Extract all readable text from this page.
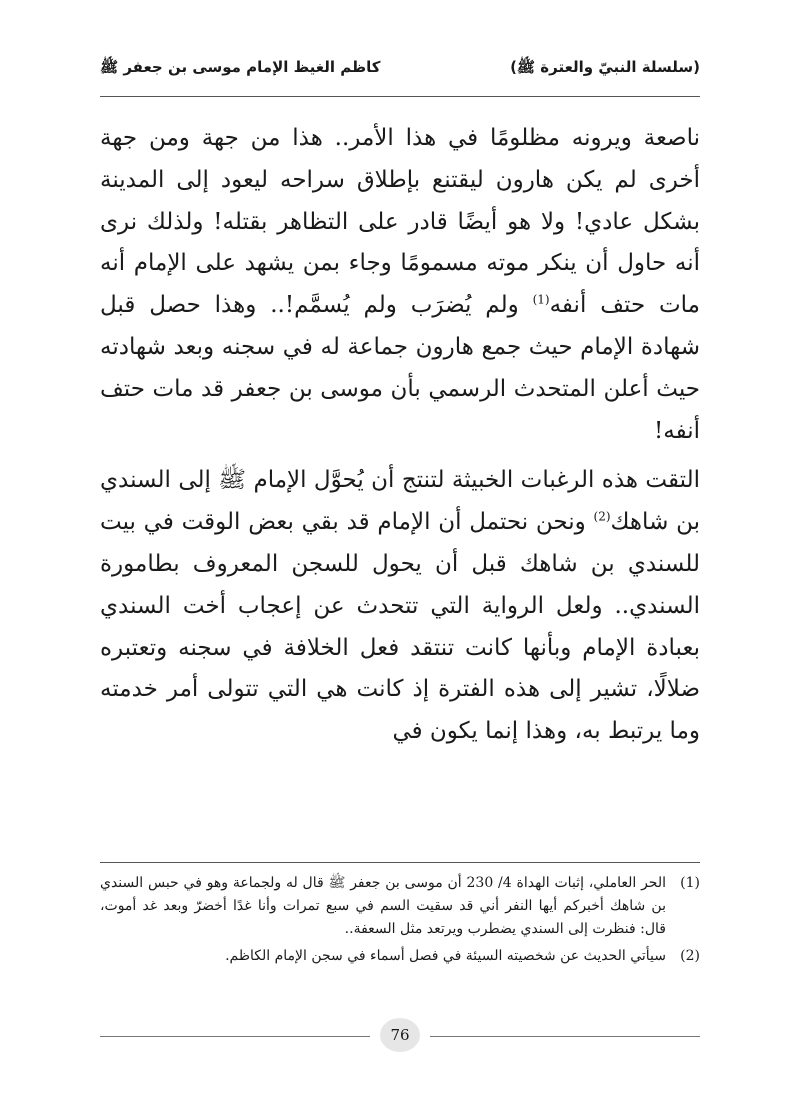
(سلسلة النبيّ والعترة ﷺ)
كاظم الغيظ الإمام موسى بن جعفر ﷺ

ناصعة ويرونه مظلومًا في هذا الأمر.. هذا من جهة ومن جهة أخرى لم يكن هارون ليقتنع بإطلاق سراحه ليعود إلى المدينة بشكل عادي! ولا هو أيضًا قادر على التظاهر بقتله! ولذلك نرى أنه حاول أن ينكر موته مسمومًا وجاء بمن يشهد على الإمام أنه مات حتف أنفه$^{(1)}$ ولم يُضرَب ولم يُسمَّم!.. وهذا حصل قبل شهادة الإمام حيث جمع هارون جماعة له في سجنه وبعد شهادته حيث أعلن المتحدث الرسمي بأن موسى بن جعفر قد مات حتف أنفه!

التقت هذه الرغبات الخبيثة لتنتج أن يُحوَّل الإمام ﷺ إلى السندي بن شاهك$^{(2)}$ ونحن نحتمل أن الإمام قد بقي بعض الوقت في بيت للسندي بن شاهك قبل أن يحول للسجن المعروف بطامورة السندي.. ولعل الرواية التي تتحدث عن إعجاب أخت السندي بعبادة الإمام وبأنها كانت تنتقد فعل الخلافة في سجنه وتعتبره ضلالًا، تشير إلى هذه الفترة إذ كانت هي التي تتولى أمر خدمته وما يرتبط به، وهذا إنما يكون في

(1)
الحر العاملي، إثبات الهداة 4/ 230 أن موسى بن جعفر ﷺ قال له ولجماعة وهو في حبس السندي بن شاهك أخبركم أيها النفر أني قد سقيت السم في سبع تمرات وأنا غدًا أخضرّ وبعد غد أموت، قال: فنظرت إلى السندي يضطرب ويرتعد مثل السعفة..

(2)
سيأتي الحديث عن شخصيته السيئة في فصل أسماء في سجن الإمام الكاظم.

76
